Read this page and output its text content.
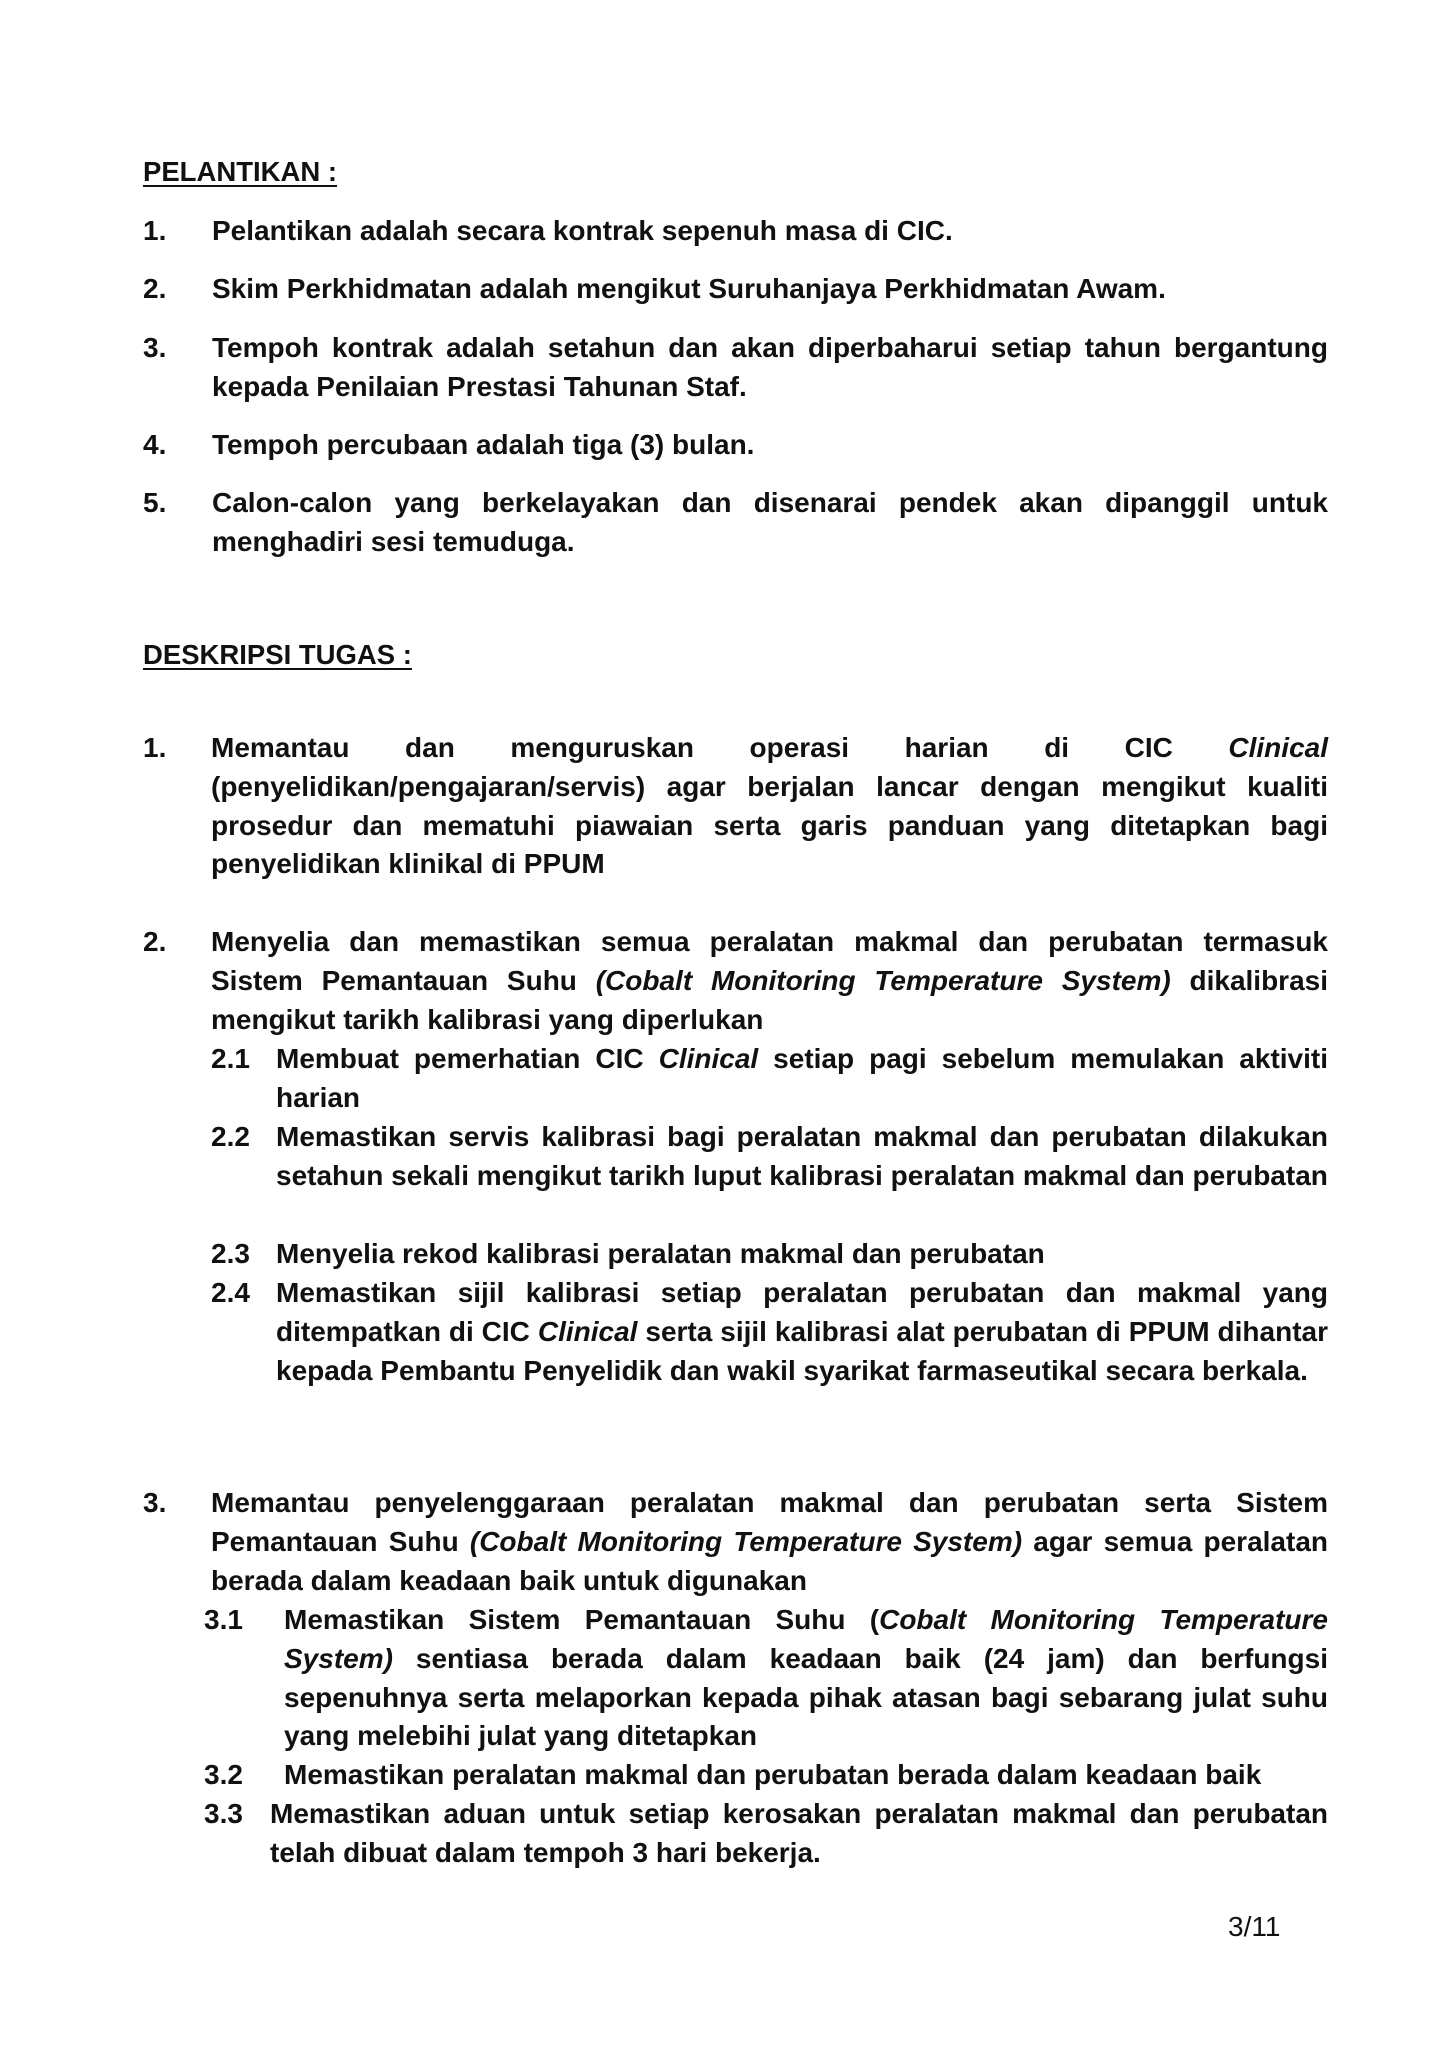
PELANTIKAN :
1. Pelantikan adalah secara kontrak sepenuh masa di CIC.
2. Skim Perkhidmatan adalah mengikut Suruhanjaya Perkhidmatan Awam.
3. Tempoh kontrak adalah setahun dan akan diperbaharui setiap tahun bergantung kepada Penilaian Prestasi Tahunan Staf.
4. Tempoh percubaan adalah tiga (3) bulan.
5. Calon-calon yang berkelayakan dan disenarai pendek akan dipanggil untuk menghadiri sesi temuduga.
DESKRIPSI TUGAS :
1. Memantau dan menguruskan operasi harian di CIC Clinical (penyelidikan/pengajaran/servis) agar berjalan lancar dengan mengikut kualiti prosedur dan mematuhi piawaian serta garis panduan yang ditetapkan bagi penyelidikan klinikal di PPUM
2. Menyelia dan memastikan semua peralatan makmal dan perubatan termasuk Sistem Pemantauan Suhu (Cobalt Monitoring Temperature System) dikalibrasi mengikut tarikh kalibrasi yang diperlukan
2.1 Membuat pemerhatian CIC Clinical setiap pagi sebelum memulakan aktiviti harian
2.2 Memastikan servis kalibrasi bagi peralatan makmal dan perubatan dilakukan setahun sekali mengikut tarikh luput kalibrasi peralatan makmal dan perubatan
2.3 Menyelia rekod kalibrasi peralatan makmal dan perubatan
2.4 Memastikan sijil kalibrasi setiap peralatan perubatan dan makmal yang ditempatkan di CIC Clinical serta sijil kalibrasi alat perubatan di PPUM dihantar kepada Pembantu Penyelidik dan wakil syarikat farmaseutikal secara berkala.
3. Memantau penyelenggaraan peralatan makmal dan perubatan serta Sistem Pemantauan Suhu (Cobalt Monitoring Temperature System) agar semua peralatan berada dalam keadaan baik untuk digunakan
3.1 Memastikan Sistem Pemantauan Suhu (Cobalt Monitoring Temperature System) sentiasa berada dalam keadaan baik (24 jam) dan berfungsi sepenuhnya serta melaporkan kepada pihak atasan bagi sebarang julat suhu yang melebihi julat yang ditetapkan
3.2 Memastikan peralatan makmal dan perubatan berada dalam keadaan baik
3.3 Memastikan aduan untuk setiap kerosakan peralatan makmal dan perubatan telah dibuat dalam tempoh 3 hari bekerja.
3/11
